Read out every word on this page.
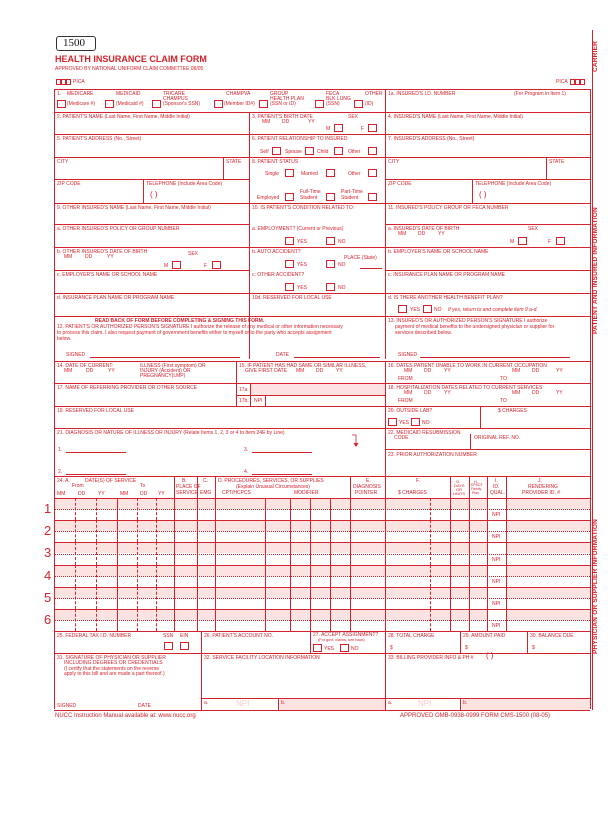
1500
HEALTH INSURANCE CLAIM FORM
APPROVED BY NATIONAL UNIFORM CLAIM COMMITTEE 08/05
PICA	PICA
CARRIER
PATIENT AND INSURED INFORMATION
PHYSICIAN OR SUPPLIER INFORMATION
1. MEDICARE	MEDICAID	TRICARE
CHAMPUS
CHAMPVA	GROUP
HEALTH PLAN
FECA
BLK LUNG
OTHER
(Medicare #)	(Medicaid #)	(Sponsor's SSN)	(Member ID#)	(SSN or ID)	(SSN)	(ID)
1a. INSURED'S I.D. NUMBER	(For Program in Item 1)
2. PATIENT'S NAME (Last Name, First Name, Middle Initial)	3. PATIENT'S BIRTH DATE
MM DD	YY
SEX
M	F
4. INSURED'S NAME (Last Name, First Name, Middle Initial)
5. PATIENT'S ADDRESS (No., Street)	6. PATIENT RELATIONSHIP TO INSURED
Self	Spouse	Child	Other
7. INSURED'S ADDRESS (No., Street)
CITY	STATE 8. PATIENT STATUS
Single	Married	Other
CITY	STATE
ZIP CODE	TELEPHONE (Include Area Code)
( )	Employed
Full-Time
Student
Part-Time
Student
ZIP CODE	TELEPHONE (Include Area Code)
( )
9. OTHER INSURED'S NAME (Last Name, First Name, Middle Initial)	10. IS PATIENT'S CONDITION RELATED TO:	11. INSURED'S POLICY GROUP OR FECA NUMBER
a. OTHER INSURED'S POLICY OR GROUP NUMBER	a. EMPLOYMENT? (Current or Previous)
YES	NO
a. INSURED'S DATE OF BIRTH
MM DD	YY
SEX
M	F
b. OTHER INSURED'S DATE OF BIRTH
MM	DD	YY	SEX
M	F
b. AUTO ACCIDENT?
PLACE (State)
YES	NO
b. EMPLOYER'S NAME OR SCHOOL NAME
c. EMPLOYER'S NAME OR SCHOOL NAME	c. OTHER ACCIDENT?
YES	NO
c. INSURANCE PLAN NAME OR PROGRAM NAME
d. INSURANCE PLAN NAME OR PROGRAM NAME	10d. RESERVED FOR LOCAL USE	d. IS THERE ANOTHER HEALTH BENEFIT PLAN?
YES	NO If yes, return to and complete item 9 a-d.
READ BACK OF FORM BEFORE COMPLETING & SIGNING THIS FORM.
12. PATIENT'S OR AUTHORIZED PERSON'S SIGNATURE I authorize the release of any medical or other information necessary
to process this claim. I also request payment of government benefits either to myself or to the party who accepts assignment
below.
SIGNED	DATE
13. INSURED'S OR AUTHORIZED PERSON'S SIGNATURE I authorize
payment of medical benefits to the undersigned physician or supplier for
services described below.
SIGNED
14. DATE OF CURRENT:
MM	DD	YY
ILLNESS (First symptom) OR
INJURY (Accident) OR
PREGNANCY(LMP)
15. IF PATIENT HAS HAD SAME OR SIMILAR ILLNESS,
GIVE FIRST DATE MM DD	YY
16. DATES PATIENT UNABLE TO WORK IN CURRENT OCCUPATION
MM DD	YY	MM DD	YY
FROM	TO
17. NAME OF REFERRING PROVIDER OR OTHER SOURCE	17a.
17b. NPI
18. HOSPITALIZATION DATES RELATED TO CURRENT SERVICES
MM DD	YY	MM DD	YY
FROM	TO
19. RESERVED FOR LOCAL USE	20. OUTSIDE LAB?	$ CHARGES
YES	NO
21. DIAGNOSIS OR NATURE OF ILLNESS OR INJURY (Relate Items 1, 2, 3 or 4 to Item 24E by Line)
1.	3.
2.	4.
22. MEDICAID RESUBMISSION
CODE	ORIGINAL REF. NO.
23. PRIOR AUTHORIZATION NUMBER
24. A.	DATE(S) OF SERVICE
From	To
MM	DD	YY	MM DD YY
B.
PLACE OF
SERVICE
C.
EMG
D. PROCEDURES, SERVICES, OR SUPPLIES
(Explain Unusual Circumstances)
CPT/HCPCS	MODIFIER
E.
DIAGNOSIS
POINTER
F.
$ CHARGES
G.
DAYS
OR
UNITS
H.
EPSDT
Family
Plan
I.
ID.
QUAL.
J.
RENDERING
PROVIDER ID. #
1	NPI
2	NPI
3	NPI
4	NPI
5	NPI
6	NPI
25. FEDERAL TAX I.D. NUMBER	SSN EIN	26. PATIENT'S ACCOUNT NO.	27. ACCEPT ASSIGNMENT?
(For govt. claims, see back)
YES	NO
28. TOTAL CHARGE
$
29. AMOUNT PAID
$
30. BALANCE DUE
$
31. SIGNATURE OF PHYSICIAN OR SUPPLIER
INCLUDING DEGREES OR CREDENTIALS
(I certify that the statements on the reverse
apply to this bill and are made a part thereof.)
SIGNED	DATE
32. SERVICE FACILITY LOCATION INFORMATION	33. BILLING PROVIDER INFO & PH # ( )
a.	NPI	b.	a.	NPI	b.
NUCC Instruction Manual available at: www.nucc.org	APPROVED OMB-0938-0999 FORM CMS-1500 (08-05)
